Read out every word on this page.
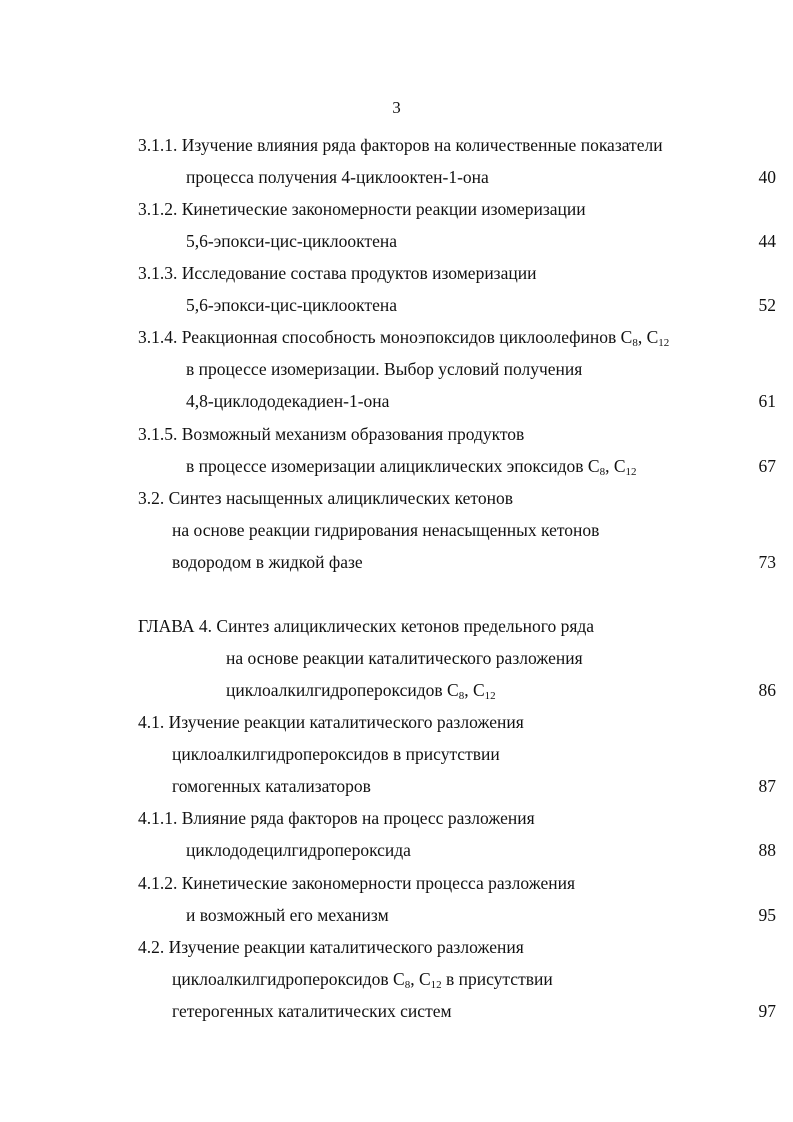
3
3.1.1. Изучение влияния ряда факторов на количественные показатели
процесса получения 4-циклооктен-1-она	40
3.1.2. Кинетические закономерности реакции изомеризации
5,6-эпокси-цис-циклооктена	44
3.1.3. Исследование состава продуктов изомеризации
5,6-эпокси-цис-циклооктена	52
3.1.4. Реакционная способность моноэпоксидов циклоолефинов $C_8$, $C_{12}$
в процессе изомеризации. Выбор условий получения
4,8-циклододекадиен-1-она	61
3.1.5. Возможный механизм образования продуктов
в процессе изомеризации алициклических эпоксидов $C_8$, $C_{12}$	67
3.2. Синтез насыщенных алициклических кетонов
на основе реакции гидрирования ненасыщенных кетонов
водородом в жидкой фазе	73
ГЛАВА 4. Синтез алициклических кетонов предельного ряда
на основе реакции каталитического разложения
циклоалкилгидропероксидов $C_8$, $C_{12}$	86
4.1. Изучение реакции каталитического разложения
циклоалкилгидропероксидов в присутствии
гомогенных катализаторов	87
4.1.1. Влияние ряда факторов на процесс разложения
циклододецилгидропероксида	88
4.1.2. Кинетические закономерности процесса разложения
и возможный его механизм	95
4.2. Изучение реакции каталитического разложения
циклоалкилгидропероксидов $C_8$, $C_{12}$ в присутствии
гетерогенных каталитических систем	97
